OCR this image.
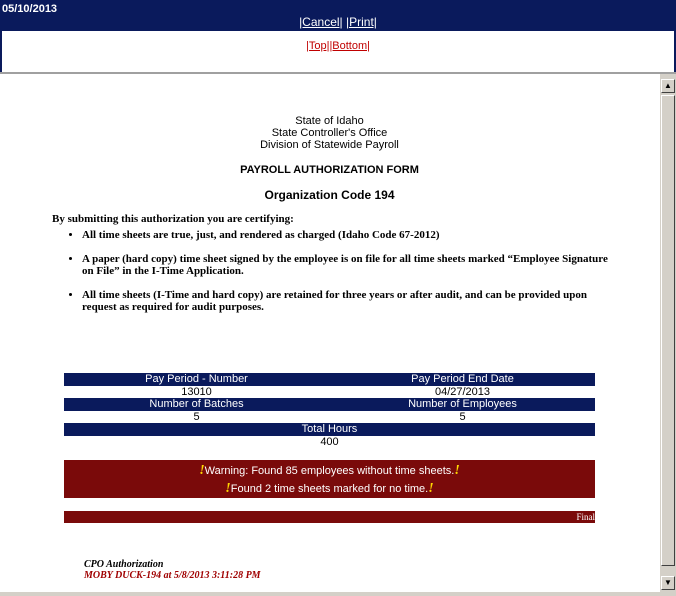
05/10/2013
|Cancel| |Print|
|Top||Bottom|
State of Idaho
State Controller's Office
Division of Statewide Payroll
PAYROLL AUTHORIZATION FORM
Organization Code 194
By submitting this authorization you are certifying:
• All time sheets are true, just, and rendered as charged (Idaho Code 67-2012)
• A paper (hard copy) time sheet signed by the employee is on file for all time sheets marked “Employee Signature on File” in the I-Time Application.
• All time sheets (I-Time and hard copy) are retained for three years or after audit, and can be provided upon request as required for audit purposes.
Pay Period - Number	Pay Period End Date
13010	04/27/2013
Number of Batches	Number of Employees
5	5
Total Hours
400
!Warning: Found 85 employees without time sheets.!
!Found 2 time sheets marked for no time.!
Final
CPO Authorization
MOBY DUCK-194 at 5/8/2013 3:11:28 PM
▲
▼
